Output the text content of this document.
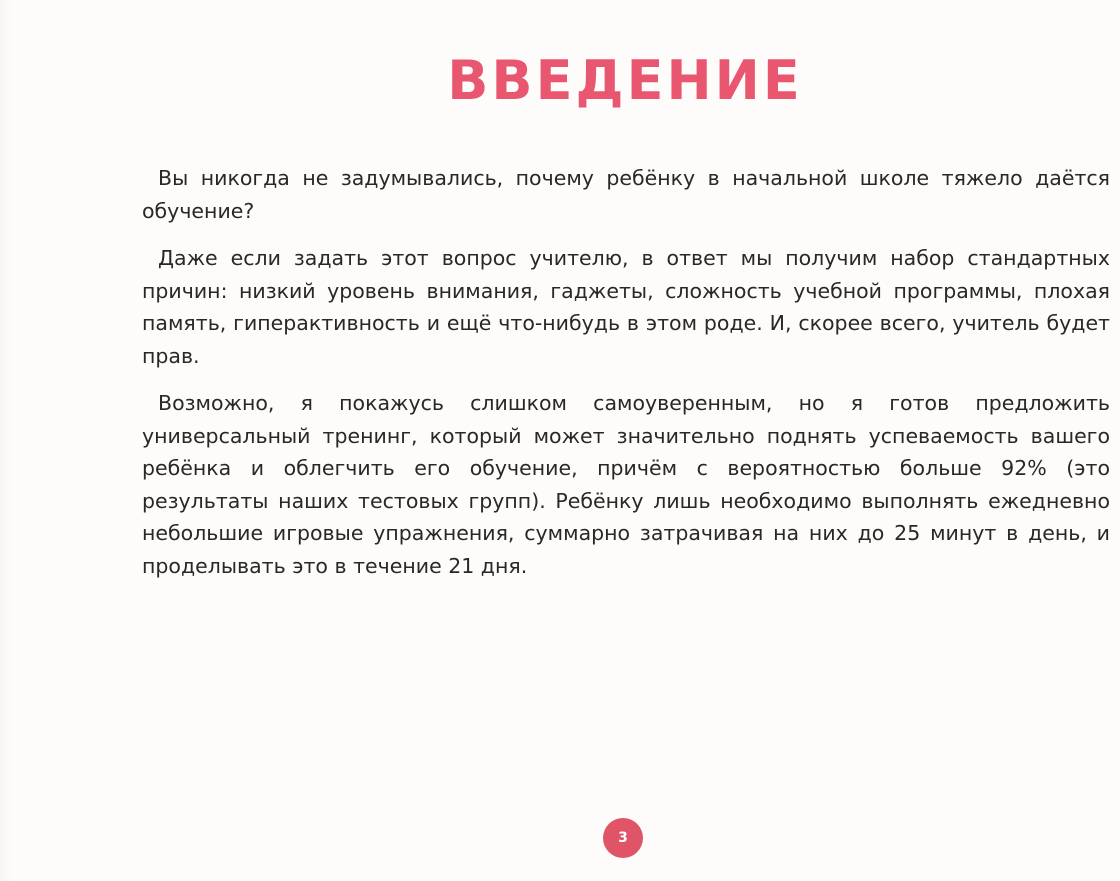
ВВЕДЕНИЕ

Вы никогда не задумывались, почему ребёнку в начальной школе тяжело даётся обучение?

Даже если задать этот вопрос учителю, в ответ мы получим набор стандартных причин: низкий уровень внимания, гаджеты, сложность учебной программы, плохая память, гиперактивность и ещё что-нибудь в этом роде. И, скорее всего, учитель будет прав.

Возможно, я покажусь слишком самоуверенным, но я готов предложить универсальный тренинг, который может значительно поднять успеваемость вашего ребёнка и облегчить его обучение, причём с вероятностью больше 92% (это результаты наших тестовых групп). Ребёнку лишь необходимо выполнять ежедневно небольшие игровые упражнения, суммарно затрачивая на них до 25 минут в день, и проделывать это в течение 21 дня.

3
